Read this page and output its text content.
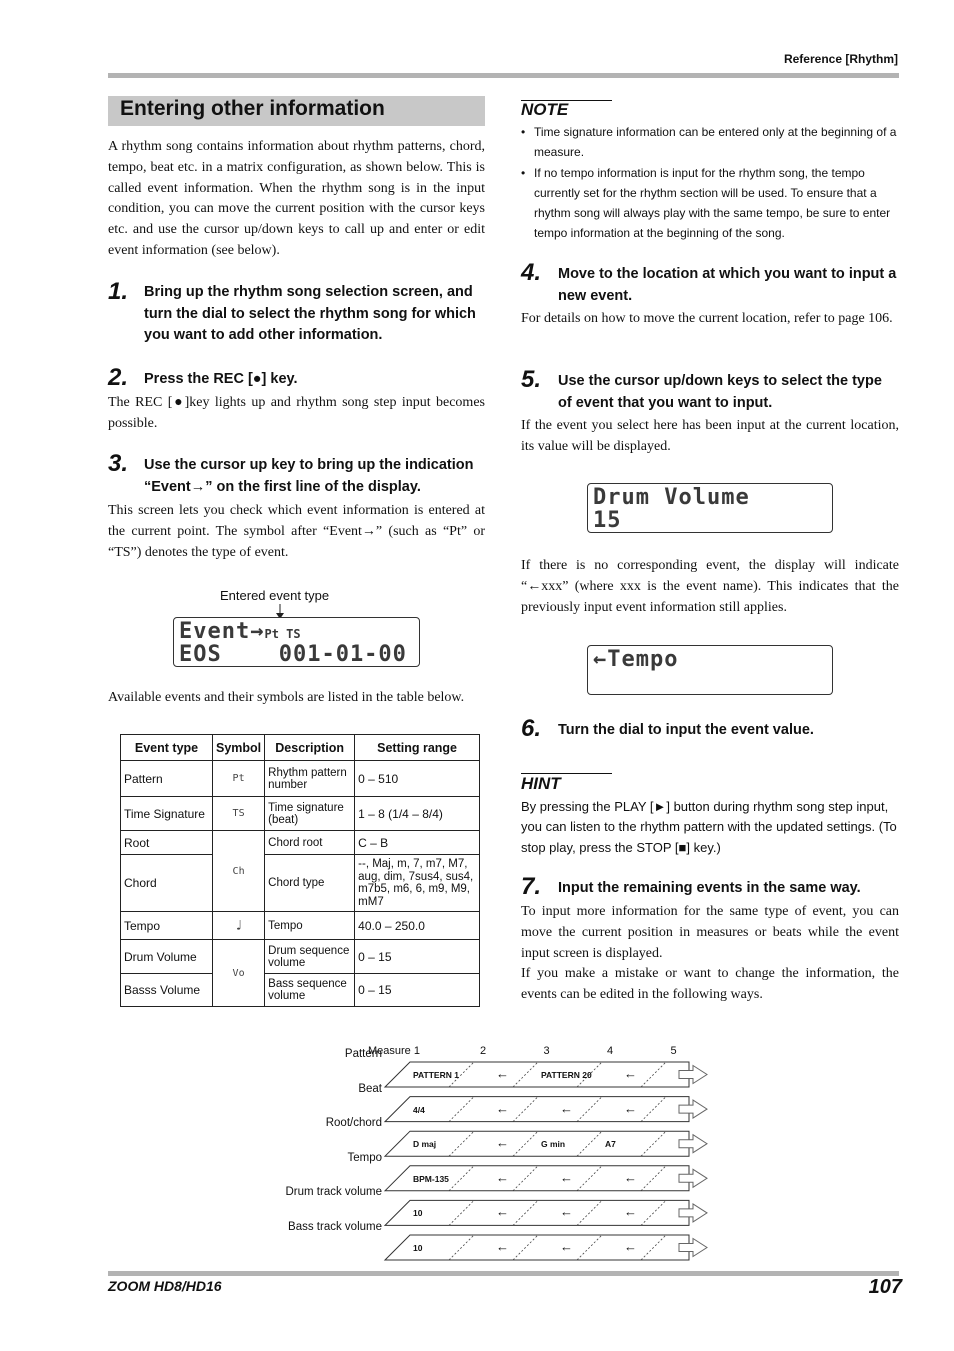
Reference [Rhythm]
ZOOM HD8/HD16	107
Entering other information
A rhythm song contains information about rhythm patterns, chord, tempo, beat etc. in a matrix configuration, as shown below. This is called event information. When the rhythm song is in the input condition, you can move the current position with the cursor keys etc. and use the cursor up/down keys to call up and enter or edit event information (see below).
1. Bring up the rhythm song selection screen, and turn the dial to select the rhythm song for which you want to add other information.
2. Press the REC [●] key.
The REC [●]key lights up and rhythm song step input becomes possible.
3. Use the cursor up key to bring up the indication “Event→” on the first line of the display.
This screen lets you check which event information is entered at the current point. The symbol after “Event→” (such as “Pt” or “TS”) denotes the type of event.
Entered event type
Event→Pt TS
EOS    001-01-00
Available events and their symbols are listed in the table below.
Event type	Symbol	Description	Setting range
Pattern	Pt	Rhythm pattern number	0 – 510
Time Signature	TS	Time signature (beat)	1 – 8 (1/4 – 8/4)
Root	Ch	Chord root	C – B
Chord		Chord type	--, Maj, m, 7, m7, M7, aug, dim, 7sus4, sus4, m7b5, m6, 6, m9, M9, mM7
Tempo	♩	Tempo	40.0 – 250.0
Drum Volume	Vo	Drum sequence volume	0 – 15
Basss Volume		Bass sequence volume	0 – 15
NOTE
• Time signature information can be entered only at the beginning of a measure.
• If no tempo information is input for the rhythm song, the tempo currently set for the rhythm section will be used. To ensure that a rhythm song will always play with the same tempo, be sure to enter tempo information at the beginning of the song.
4. Move to the location at which you want to input a new event.
For details on how to move the current location, refer to page 106.
5. Use the cursor up/down keys to select the type of event that you want to input.
If the event you select here has been input at the current location, its value will be displayed.
Drum Volume
15
If there is no corresponding event, the display will indicate “←xxx” (where xxx is the event name). This indicates that the previously input event information still applies.
←Tempo
6. Turn the dial to input the event value.
HINT
By pressing the PLAY [►] button during rhythm song step input, you can listen to the rhythm pattern with the updated settings. (To stop play, press the STOP [■] key.)
7. Input the remaining events in the same way.
To input more information for the same type of event, you can move the current position in measures or beats while the event input screen is displayed.
If you make a mistake or want to change the information, the events can be edited in the following ways.
Measure 1	2	3	4	5
Pattern
PATTERN 1	←	PATTERN 20 ←
Beat
4/4	←	←	←
Root/chord
D maj	←	G min	A7
Tempo
BPM-135	←	←	←
Drum track volume
10	←	←	←
Bass track volume
10	←	←	←
